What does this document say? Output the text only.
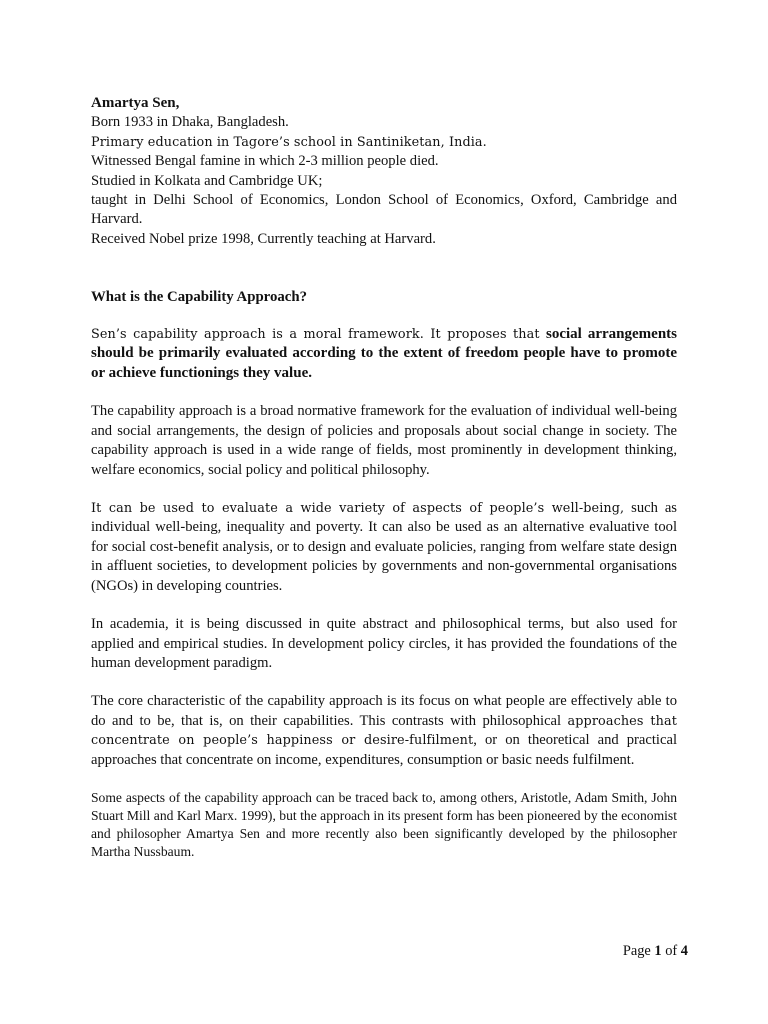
Amartya Sen,

Born 1933 in Dhaka, Bangladesh.

Primary education in Tagore’s school in Santiniketan, India.

Witnessed Bengal famine in which 2-3 million people died.

Studied in Kolkata and Cambridge UK;

taught in Delhi School of Economics, London School of Economics, Oxford, Cambridge and Harvard.

Received Nobel prize 1998, Currently teaching at Harvard.

What is the Capability Approach?

Sen’s capability approach is a moral framework. It proposes that social arrangements should be primarily evaluated according to the extent of freedom people have to promote or achieve functionings they value.

The capability approach is a broad normative framework for the evaluation of individual well-being and social arrangements, the design of policies and proposals about social change in society. The capability approach is used in a wide range of fields, most prominently in development thinking, welfare economics, social policy and political philosophy.

It can be used to evaluate a wide variety of aspects of people’s well-being, such as individual well-being, inequality and poverty. It can also be used as an alternative evaluative tool for social cost-benefit analysis, or to design and evaluate policies, ranging from welfare state design in affluent societies, to development policies by governments and non-governmental organisations (NGOs) in developing countries.

In academia, it is being discussed in quite abstract and philosophical terms, but also used for applied and empirical studies. In development policy circles, it has provided the foundations of the human development paradigm.

The core characteristic of the capability approach is its focus on what people are effectively able to do and to be, that is, on their capabilities. This contrasts with philosophical approaches that concentrate on people’s happiness or desire-fulfilment, or on theoretical and practical approaches that concentrate on income, expenditures, consumption or basic needs fulfilment.

Some aspects of the capability approach can be traced back to, among others, Aristotle, Adam Smith, John Stuart Mill and Karl Marx. 1999), but the approach in its present form has been pioneered by the economist and philosopher Amartya Sen and more recently also been significantly developed by the philosopher Martha Nussbaum.

Page 1 of 4
